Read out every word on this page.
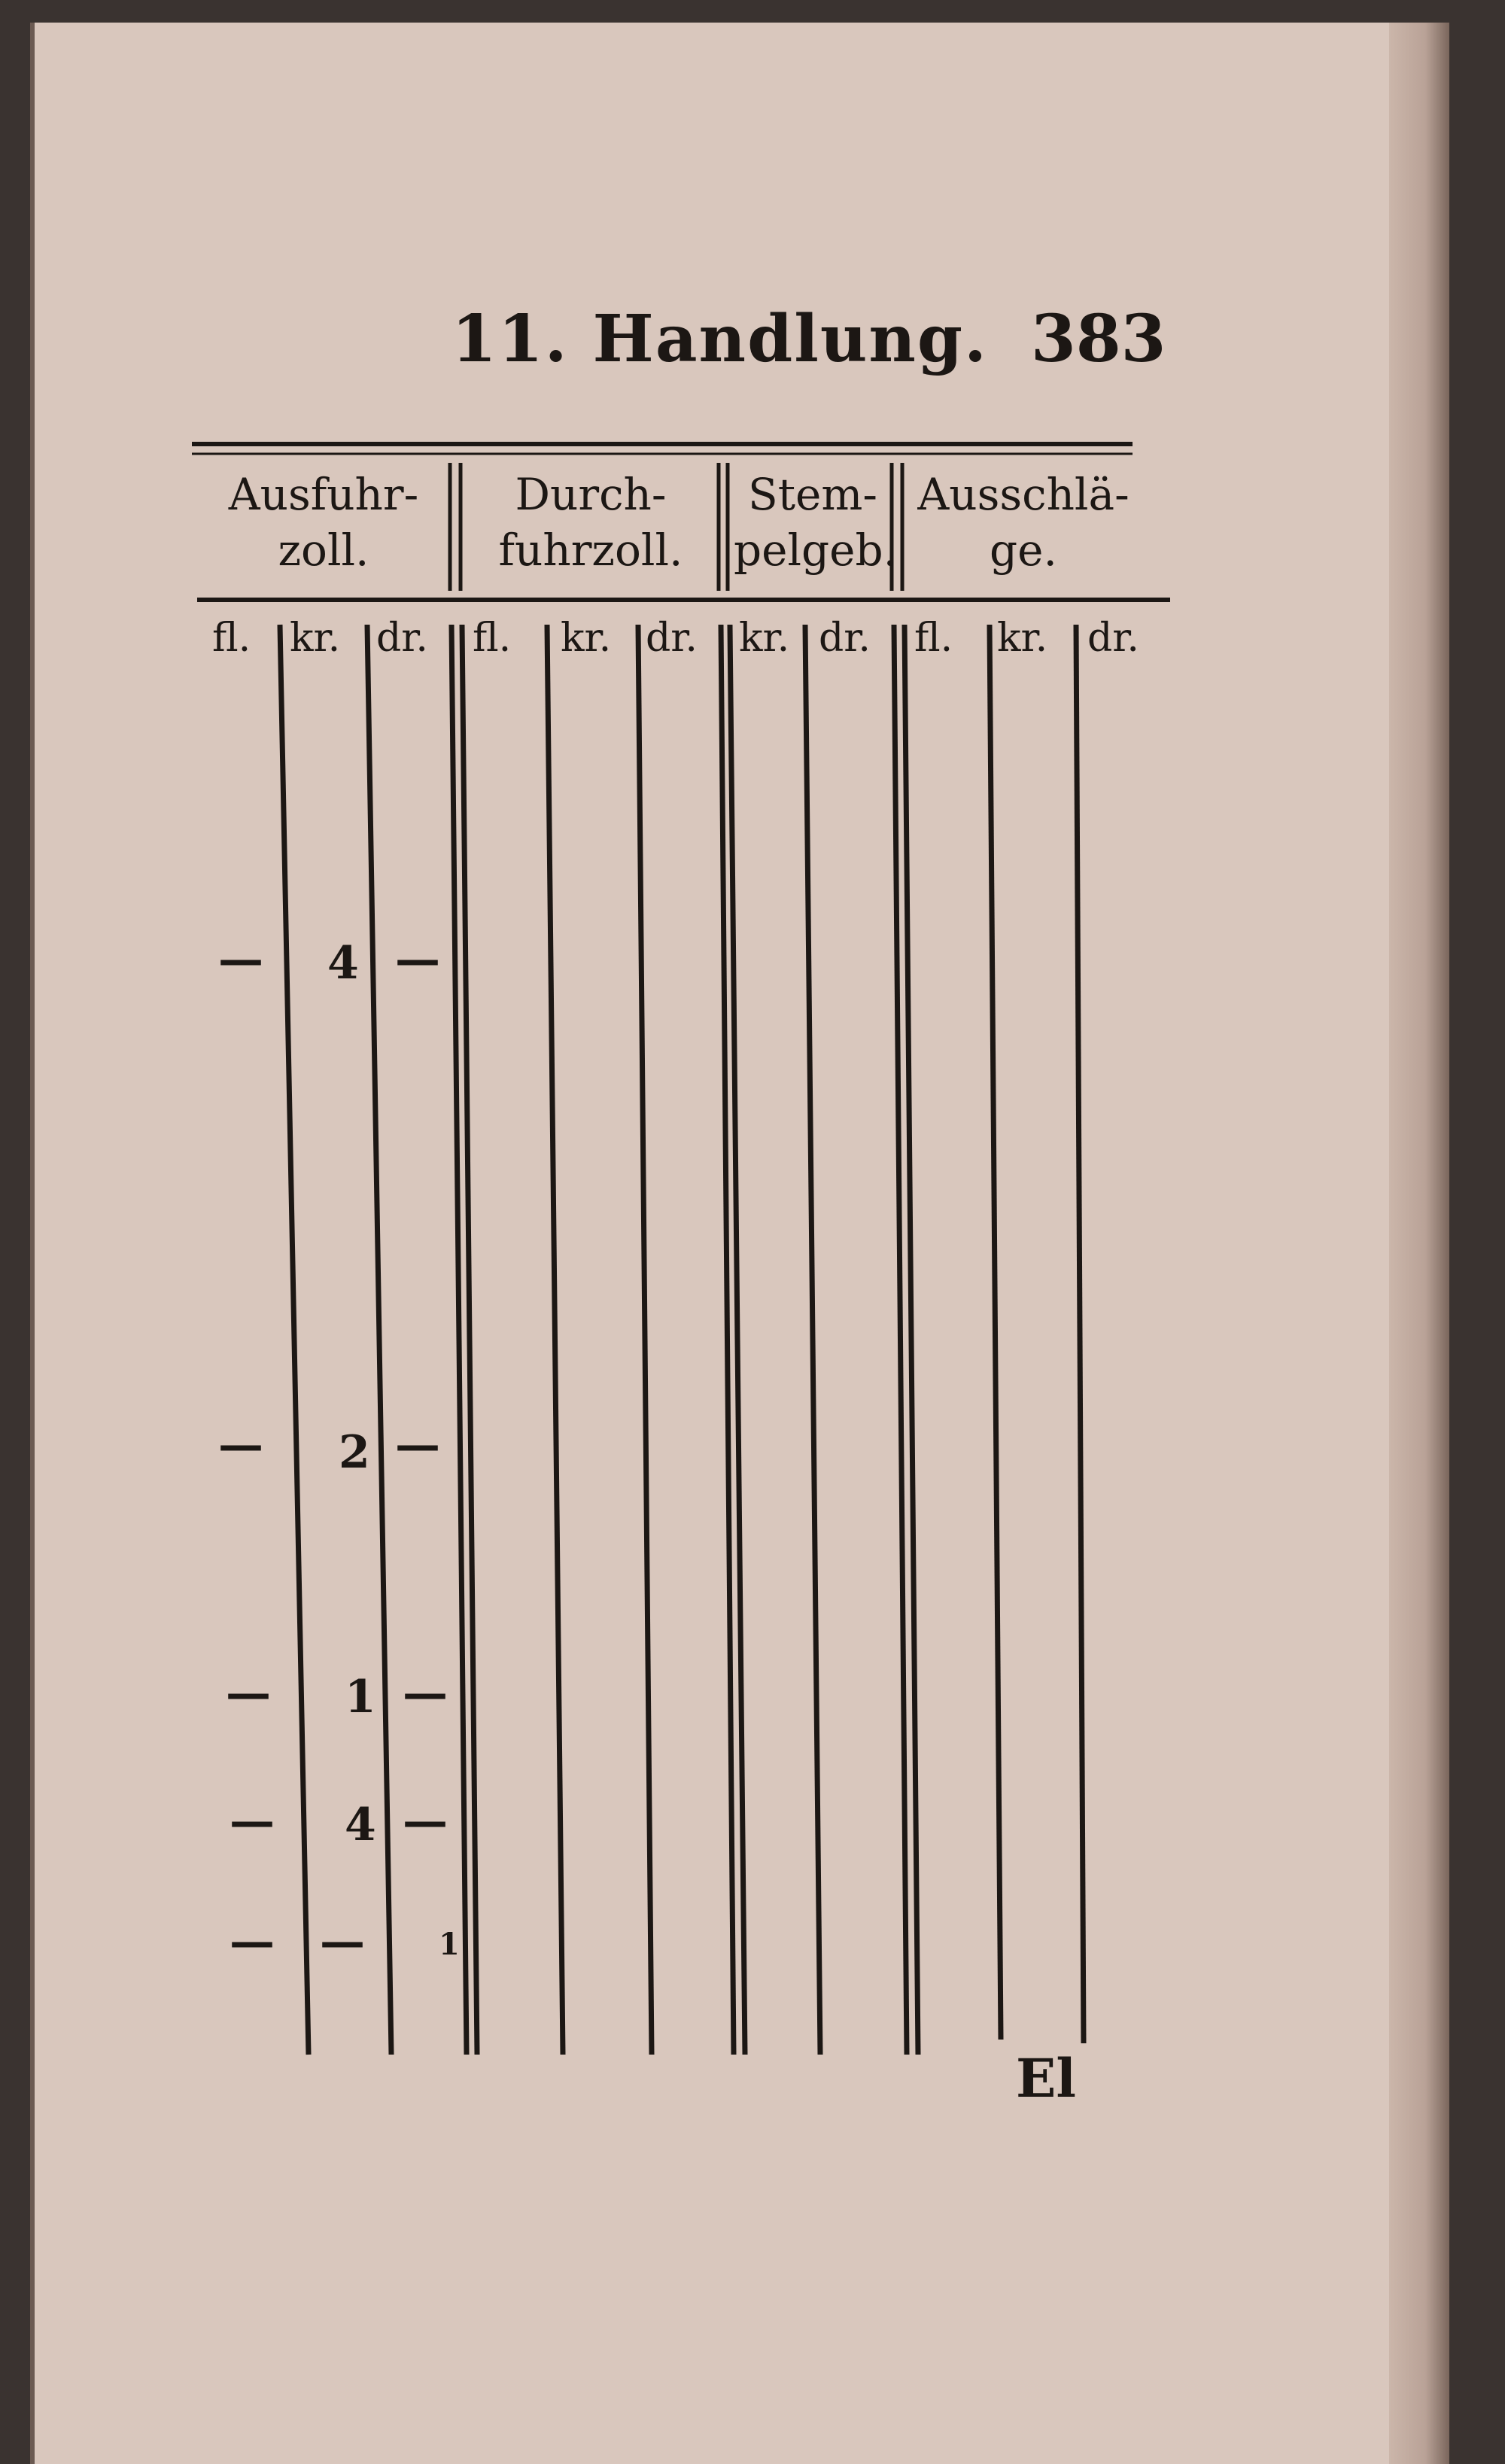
11. Handlung. 383
Ausfuhr- zoll.
Durch- fuhrzoll.
Stem- pelgeb.
Ausschlä- ge.
fl. kr. dr. fl. kr. dr. kr. dr. fl. kr. dr.
— 4 —
— 2 —
— 1 —
— 4 —
— — 1
El
